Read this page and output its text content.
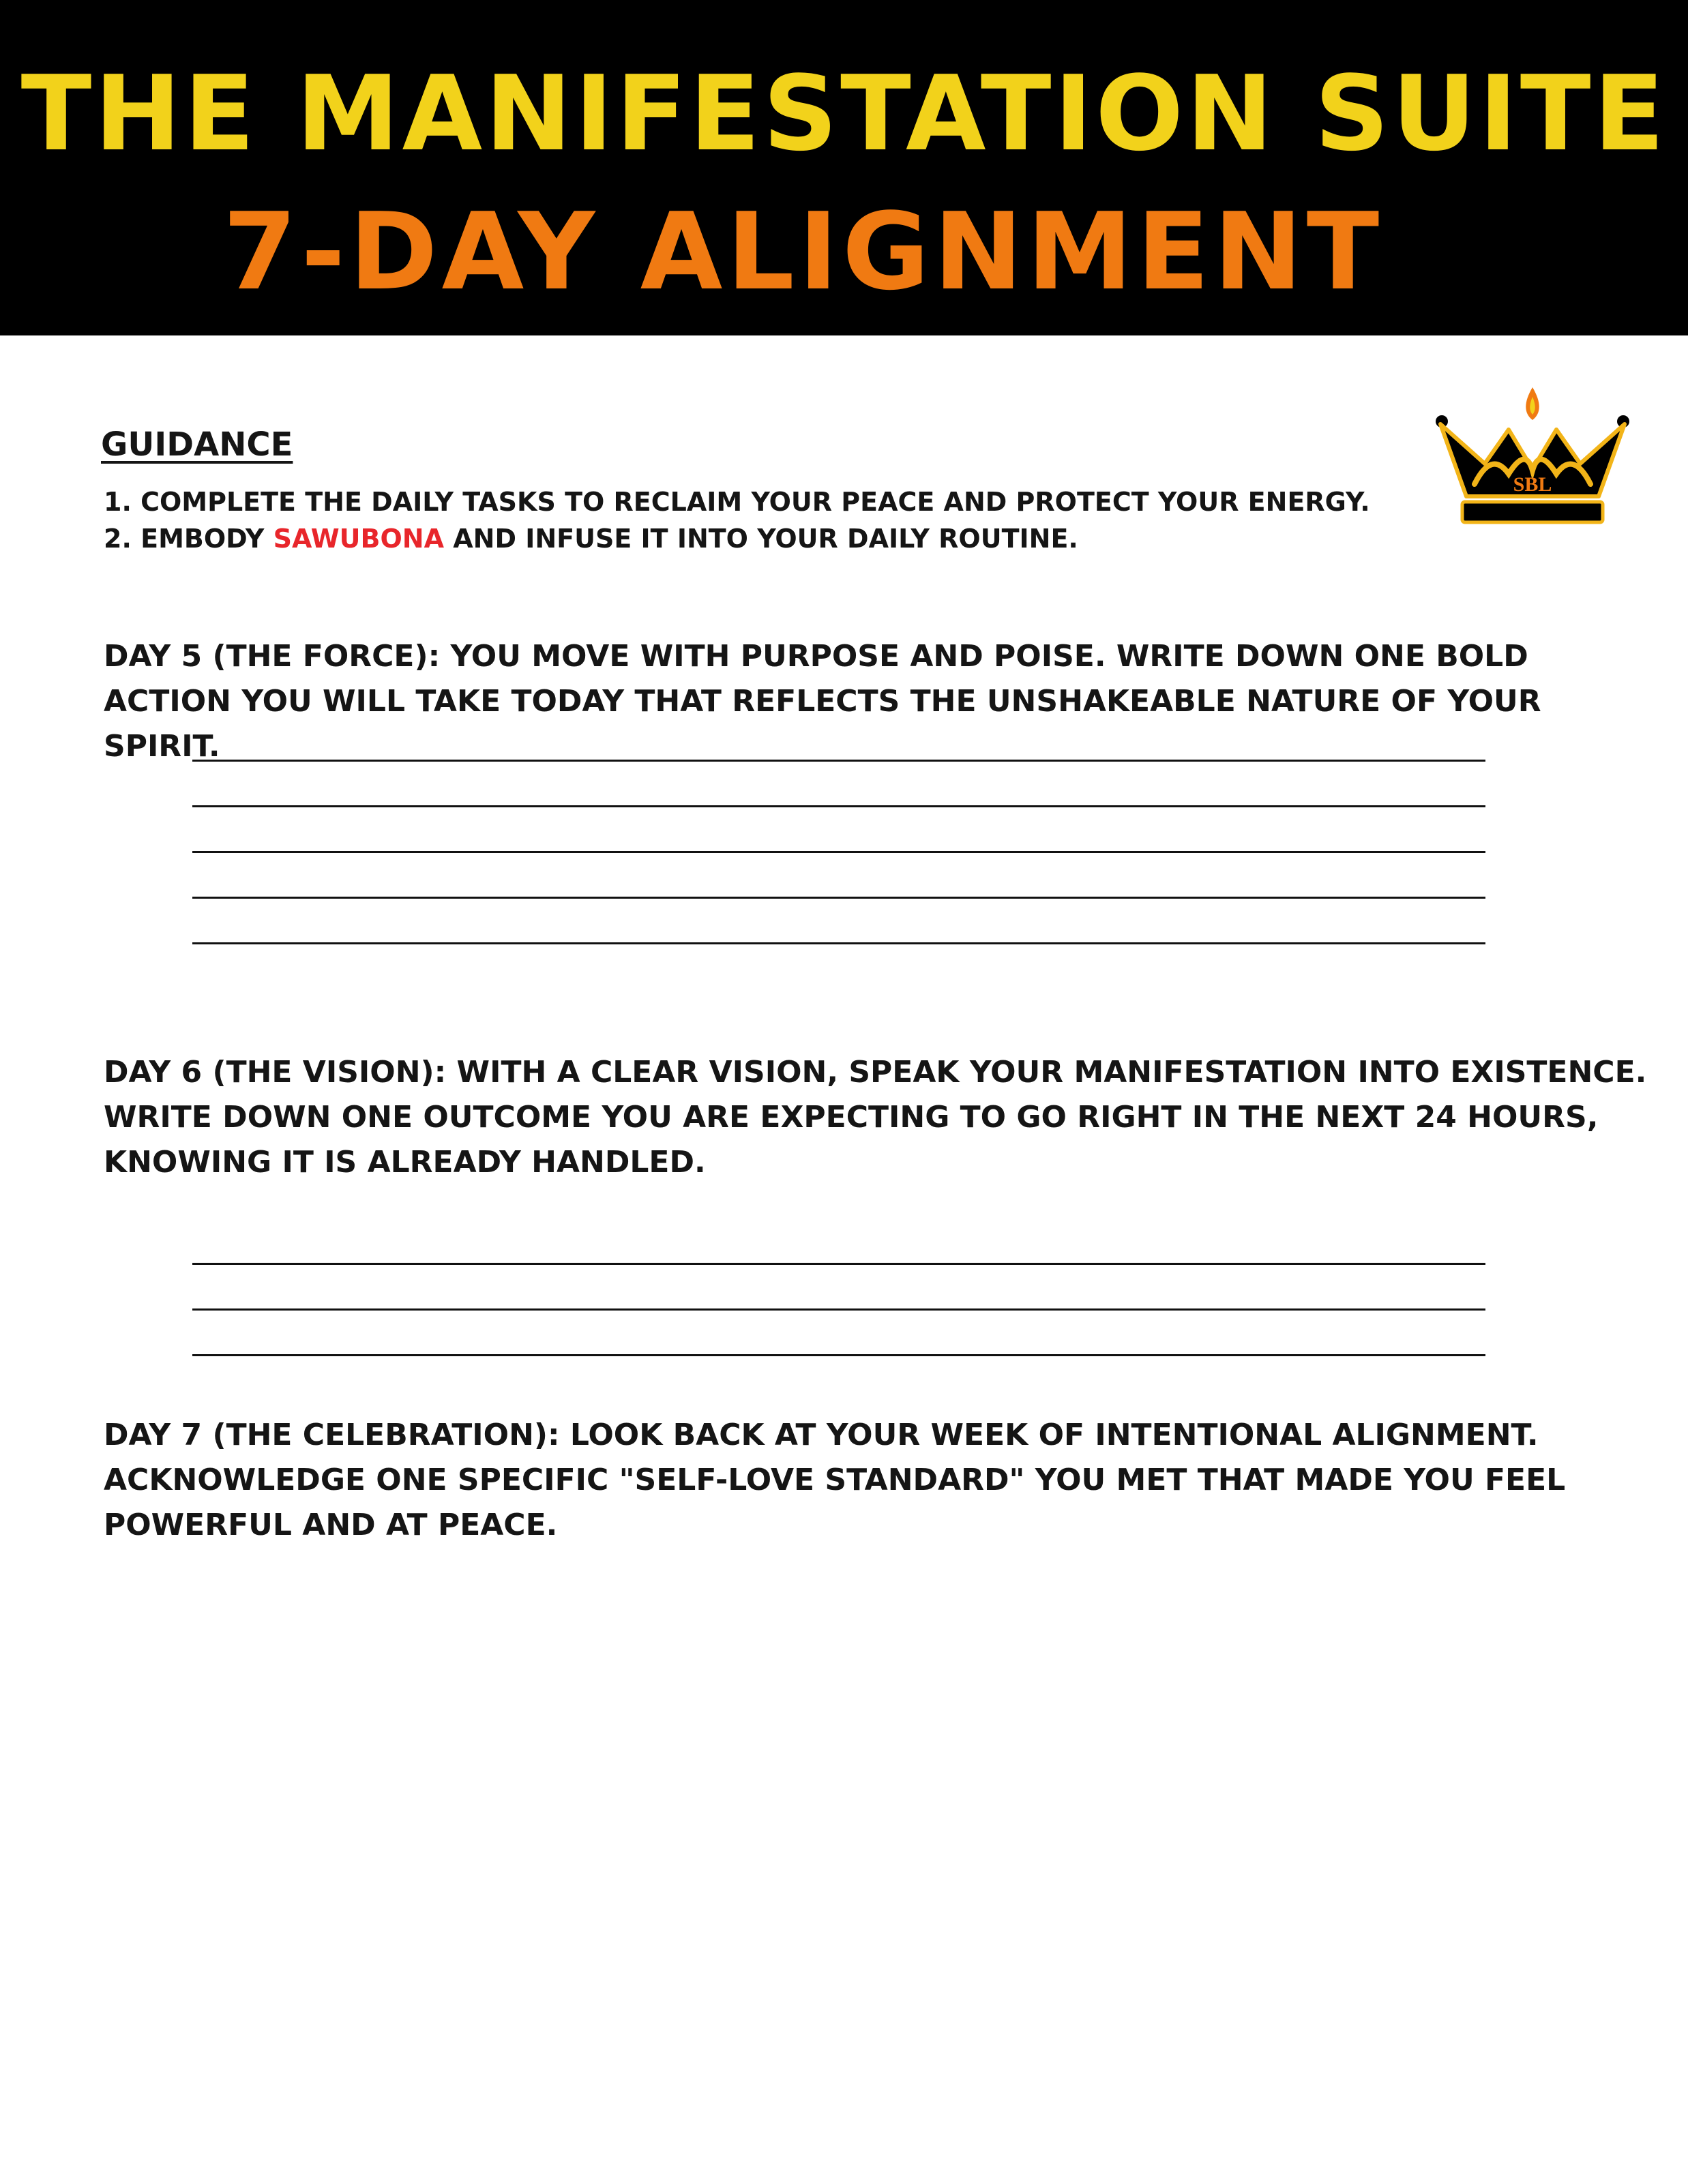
THE MANIFESTATION SUITE
7-DAY ALIGNMENT
SBL
GUIDANCE
1. COMPLETE THE DAILY TASKS TO RECLAIM YOUR PEACE AND PROTECT YOUR ENERGY.
2. EMBODY SAWUBONA AND INFUSE IT INTO YOUR DAILY ROUTINE.
DAY 5 (THE FORCE): YOU MOVE WITH PURPOSE AND POISE. WRITE DOWN ONE BOLD ACTION YOU WILL TAKE TODAY THAT REFLECTS THE UNSHAKEABLE NATURE OF YOUR SPIRIT.
DAY 6 (THE VISION): WITH A CLEAR VISION, SPEAK YOUR MANIFESTATION INTO EXISTENCE. WRITE DOWN ONE OUTCOME YOU ARE EXPECTING TO GO RIGHT IN THE NEXT 24 HOURS, KNOWING IT IS ALREADY HANDLED.
DAY 7 (THE CELEBRATION): LOOK BACK AT YOUR WEEK OF INTENTIONAL ALIGNMENT. ACKNOWLEDGE ONE SPECIFIC "SELF-LOVE STANDARD" YOU MET THAT MADE YOU FEEL POWERFUL AND AT PEACE.
